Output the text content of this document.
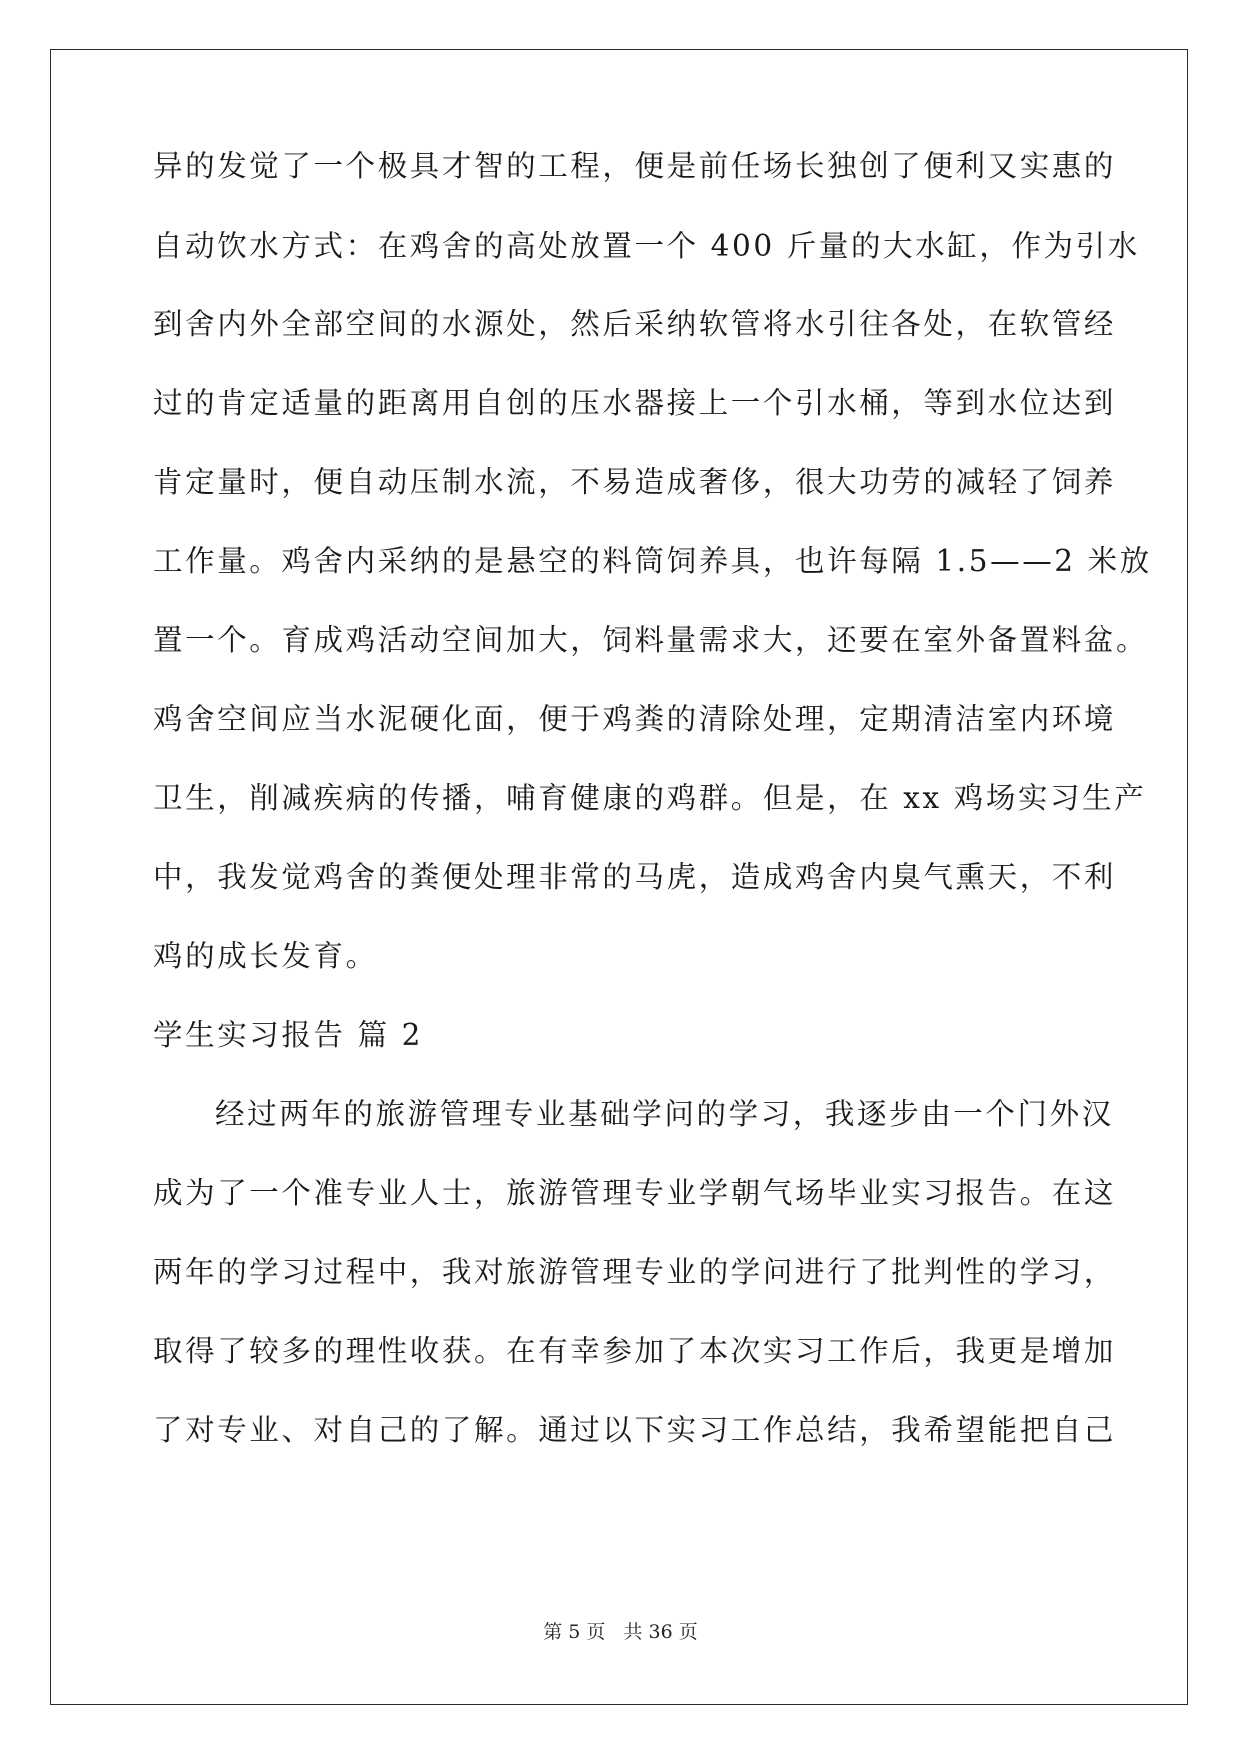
异的发觉了一个极具才智的工程，便是前任场长独创了便利又实惠的
自动饮水方式：在鸡舍的高处放置一个 400 斤量的大水缸，作为引水
到舍内外全部空间的水源处，然后采纳软管将水引往各处，在软管经
过的肯定适量的距离用自创的压水器接上一个引水桶，等到水位达到
肯定量时，便自动压制水流，不易造成奢侈，很大功劳的减轻了饲养
工作量。鸡舍内采纳的是悬空的料筒饲养具，也许每隔 1.5——2 米放
置一个。育成鸡活动空间加大，饲料量需求大，还要在室外备置料盆。
鸡舍空间应当水泥硬化面，便于鸡粪的清除处理，定期清洁室内环境
卫生，削减疾病的传播，哺育健康的鸡群。但是，在 xx 鸡场实习生产
中，我发觉鸡舍的粪便处理非常的马虎，造成鸡舍内臭气熏天，不利
鸡的成长发育。
学生实习报告 篇 2
经过两年的旅游管理专业基础学问的学习，我逐步由一个门外汉
成为了一个准专业人士，旅游管理专业学朝气场毕业实习报告。在这
两年的学习过程中，我对旅游管理专业的学问进行了批判性的学习，
取得了较多的理性收获。在有幸参加了本次实习工作后，我更是增加
了对专业、对自己的了解。通过以下实习工作总结，我希望能把自己
第 5 页 共 36 页
